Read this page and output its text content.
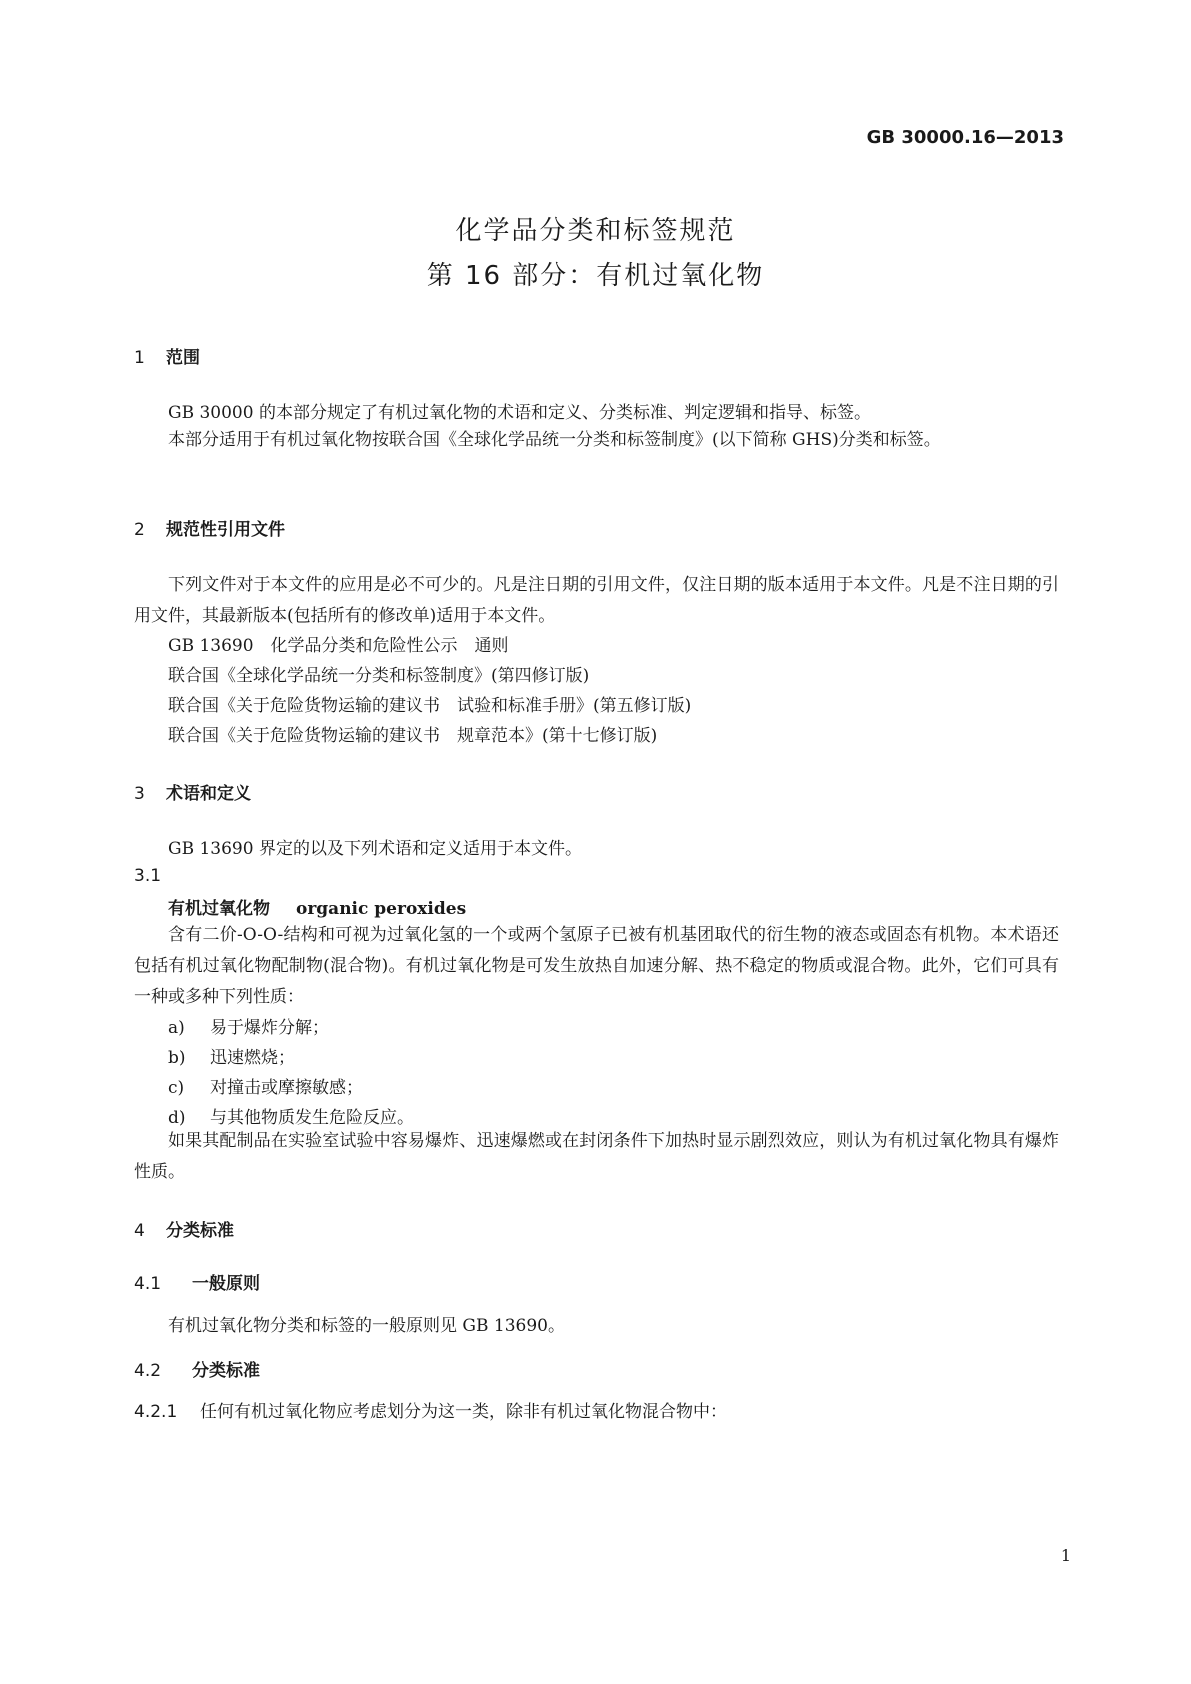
GB 30000.16—2013
化学品分类和标签规范
第 16 部分：有机过氧化物
1 范围
GB 30000 的本部分规定了有机过氧化物的术语和定义、分类标准、判定逻辑和指导、标签。
本部分适用于有机过氧化物按联合国《全球化学品统一分类和标签制度》(以下简称 GHS)分类和标签。
2 规范性引用文件
下列文件对于本文件的应用是必不可少的。凡是注日期的引用文件，仅注日期的版本适用于本文件。凡是不注日期的引用文件，其最新版本(包括所有的修改单)适用于本文件。
GB 13690　化学品分类和危险性公示　通则
联合国《全球化学品统一分类和标签制度》(第四修订版)
联合国《关于危险货物运输的建议书　试验和标准手册》(第五修订版)
联合国《关于危险货物运输的建议书　规章范本》(第十七修订版)
3 术语和定义
GB 13690 界定的以及下列术语和定义适用于本文件。
3.1
有机过氧化物 organic peroxides
含有二价-O-O-结构和可视为过氧化氢的一个或两个氢原子已被有机基团取代的衍生物的液态或固态有机物。本术语还包括有机过氧化物配制物(混合物)。有机过氧化物是可发生放热自加速分解、热不稳定的物质或混合物。此外，它们可具有一种或多种下列性质：
a) 易于爆炸分解；
b) 迅速燃烧；
c) 对撞击或摩擦敏感；
d) 与其他物质发生危险反应。
如果其配制品在实验室试验中容易爆炸、迅速爆燃或在封闭条件下加热时显示剧烈效应，则认为有机过氧化物具有爆炸性质。
4 分类标准
4.1 一般原则
有机过氧化物分类和标签的一般原则见 GB 13690。
4.2 分类标准
4.2.1 任何有机过氧化物应考虑划分为这一类，除非有机过氧化物混合物中：
1
